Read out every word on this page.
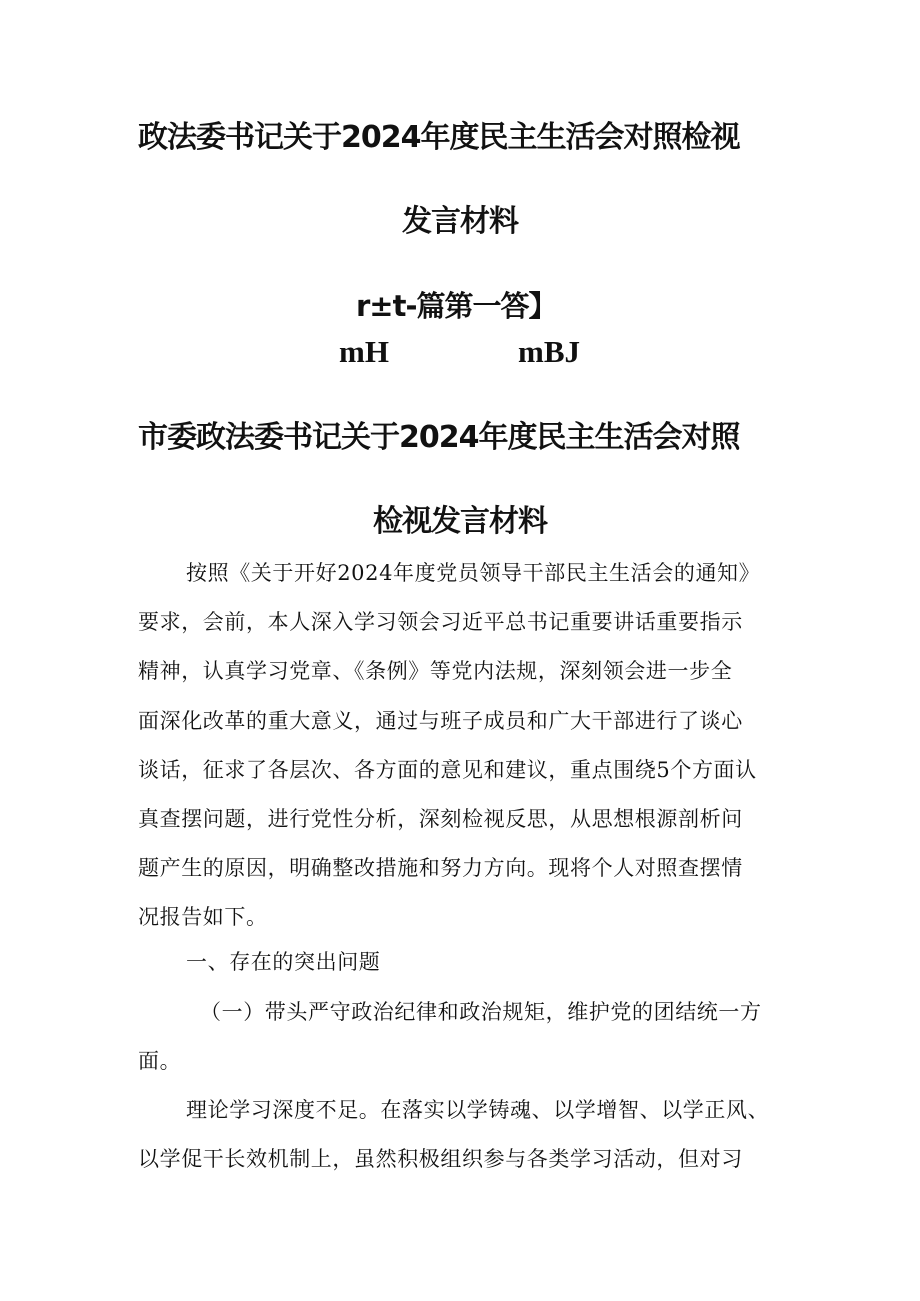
政法委书记关于2024年度民主生活会对照检视
发言材料
r±t-篇第一答】
mH	mBJ
市委政法委书记关于2024年度民主生活会对照
检视发言材料
按照《关于开好2024年度党员领导干部民主生活会的通知》
要求，会前，本人深入学习领会习近平总书记重要讲话重要指示
精神，认真学习党章、《条例》等党内法规，深刻领会进一步全
面深化改革的重大意义，通过与班子成员和广大干部进行了谈心
谈话，征求了各层次、各方面的意见和建议，重点围绕5个方面认
真查摆问题，进行党性分析，深刻检视反思，从思想根源剖析问
题产生的原因，明确整改措施和努力方向。现将个人对照查摆情
况报告如下。
一、存在的突出问题
（一）带头严守政治纪律和政治规矩，维护党的团结统一方
面。
理论学习深度不足。在落实以学铸魂、以学增智、以学正风、
以学促干长效机制上，虽然积极组织参与各类学习活动，但对习
